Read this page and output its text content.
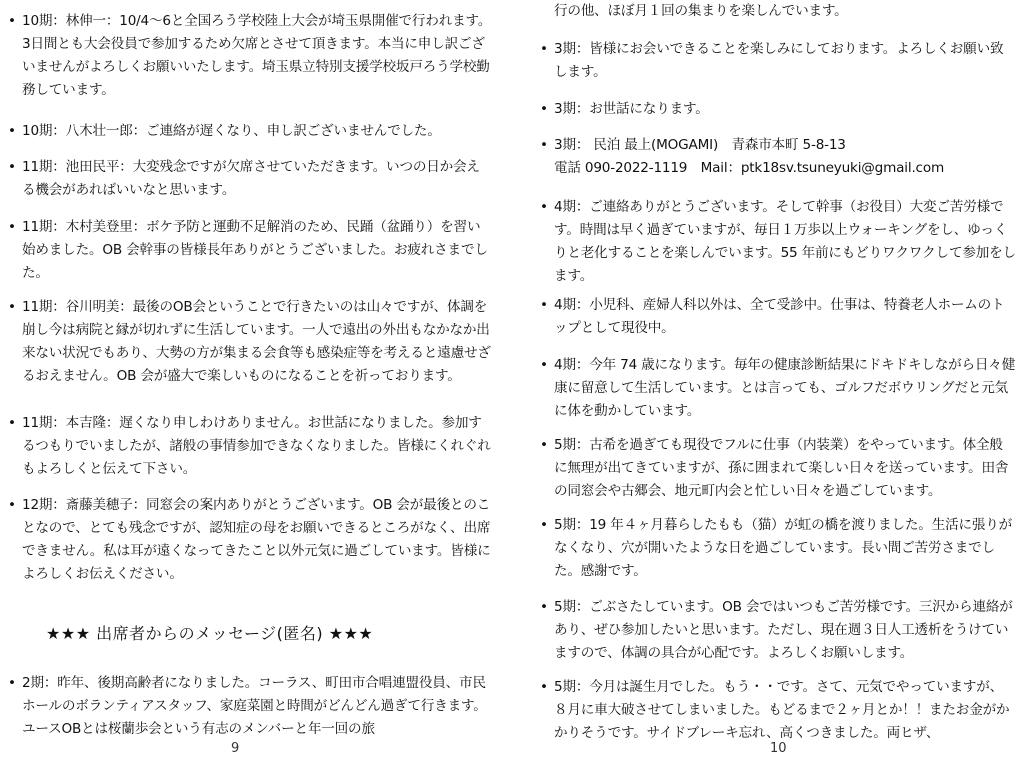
• 10期：林伸一：10/4～6と全国ろう学校陸上大会が埼玉県開催で行われます。3日間とも大会役員で参加するため欠席とさせて頂きます。本当に申し訳ございませんがよろしくお願いいたします。埼玉県立特別支援学校坂戸ろう学校勤務しています。
• 10期：八木壮一郎：ご連絡が遅くなり、申し訳ございませんでした。
• 11期：池田民平：大変残念ですが欠席させていただきます。いつの日か会える機会があればいいなと思います。
• 11期：木村美登里：ボケ予防と運動不足解消のため、民踊（盆踊り）を習い始めました。OB 会幹事の皆様長年ありがとうございました。お疲れさまでした。
• 11期：谷川明美：最後のOB会ということで行きたいのは山々ですが、体調を崩し今は病院と縁が切れずに生活しています。一人で遠出の外出もなかなか出来ない状況でもあり、大勢の方が集まる会食等も感染症等を考えると遠慮せざるおえません。OB 会が盛大で楽しいものになることを祈っております。
• 11期：本吉隆：遅くなり申しわけありません。お世話になりました。参加するつもりでいましたが、諸般の事情参加できなくなりました。皆様にくれぐれもよろしくと伝えて下さい。
• 12期：斎藤美穂子：同窓会の案内ありがとうございます。OB 会が最後とのことなので、とても残念ですが、認知症の母をお願いできるところがなく、出席できません。私は耳が遠くなってきたこと以外元気に過ごしています。皆様によろしくお伝えください。
★★★ 出席者からのメッセージ(匿名) ★★★
• 2期：昨年、後期高齢者になりました。コーラス、町田市合唱連盟役員、市民ホールのボランティアスタッフ、家庭菜園と時間がどんどん過ぎて行きます。ユースOBとは桜蘭歩会という有志のメンバーと年一回の旅
9
行の他、ほぼ月１回の集まりを楽しんでいます。
• 3期：皆様にお会いできることを楽しみにしております。よろしくお願い致します。
• 3期：お世話になります。
• 3期： 民泊 最上(MOGAMI)　青森市本町 5-8-13
電話 090-2022-1119　Mail：ptk18sv.tsuneyuki@gmail.com
• 4期：ご連絡ありがとうございます。そして幹事（お役目）大変ご苦労様です。時間は早く過ぎていますが、毎日１万歩以上ウォーキングをし、ゆっくりと老化することを楽しんでいます。55 年前にもどりワクワクして参加をします。
• 4期：小児科、産婦人科以外は、全て受診中。仕事は、特養老人ホームのトップとして現役中。
• 4期：今年 74 歳になります。毎年の健康診断結果にドキドキしながら日々健康に留意して生活しています。とは言っても、ゴルフだボウリングだと元気に体を動かしています。
• 5期：古希を過ぎても現役でフルに仕事（内装業）をやっています。体全般に無理が出てきていますが、孫に囲まれて楽しい日々を送っています。田舎の同窓会や古郷会、地元町内会と忙しい日々を過ごしています。
• 5期：19 年４ヶ月暮らしたもも（猫）が虹の橋を渡りました。生活に張りがなくなり、穴が開いたような日を過ごしています。長い間ご苦労さまでした。感謝です。
• 5期：ごぶさたしています。OB 会ではいつもご苦労様です。三沢から連絡があり、ぜひ参加したいと思います。ただし、現在週３日人工透析をうけていますので、体調の具合が心配です。よろしくお願いします。
• 5期：今月は誕生月でした。もう・・です。さて、元気でやっていますが、８月に車大破させてしまいました。もどるまで２ヶ月とか！！またお金がかかりそうです。サイドブレーキ忘れ、高くつきました。両ヒザ、
10
